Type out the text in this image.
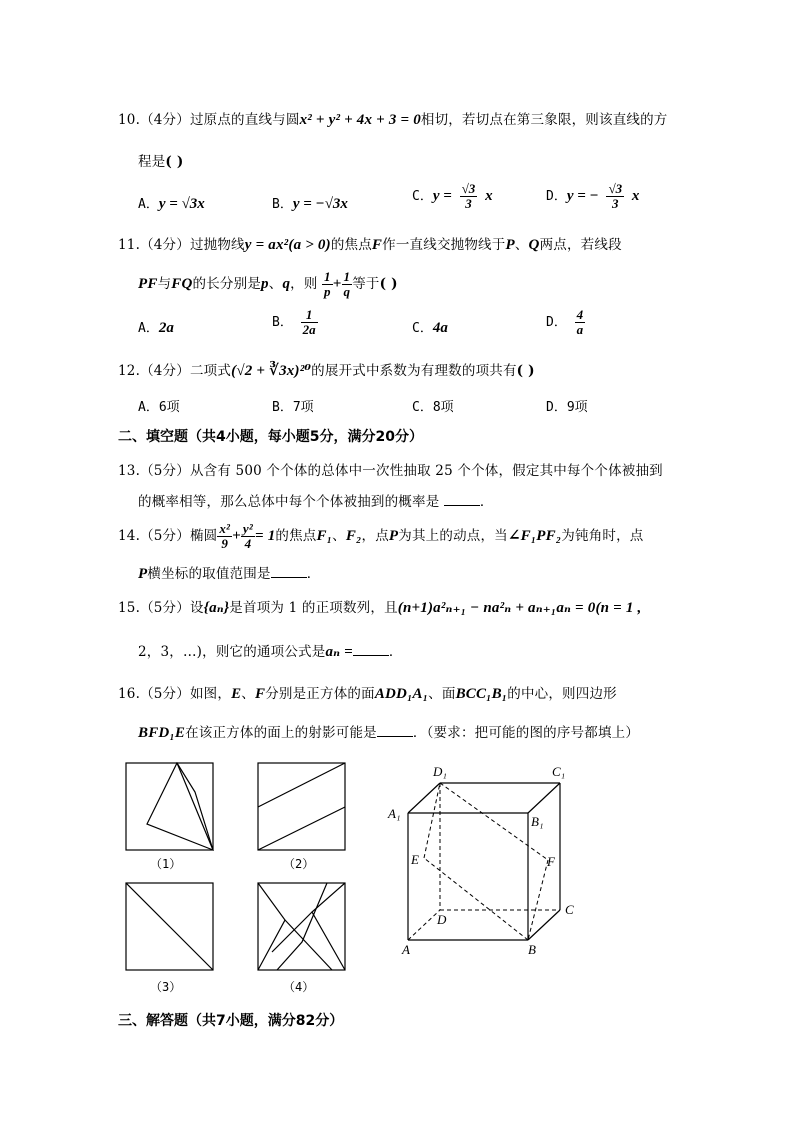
10.（4分）过原点的直线与圆x² + y² + 4x + 3 = 0相切，若切点在第三象限，则该直线的方
程是( )
A．y = √3x	B．y = −√3x	C．$y = \frac{√3}{3}$ x	D．y = − $\frac{√3}{3}$ x
11.（4分）过抛物线y = ax²(a > 0)的焦点F作一直线交抛物线于P、Q两点，若线段
PF与FQ的长分别是p、q，则 $\frac{1}{p} + \frac{1}{q}$ 等于( )
A．2a	B． $\frac{1}{2a}$	C．4a	D． $\frac{4}{a}$
12.（4分）二项式(√2 + ∛3x)²⁰的展开式中系数为有理数的项共有( )
A．6项	B．7项	C．8项	D．9项
二、填空题（共4小题，每小题5分，满分20分）
13.（5分）从含有 500 个个体的总体中一次性抽取 25 个个体，假定其中每个个体被抽到
的概率相等，那么总体中每个个体被抽到的概率是	．
14.（5分）椭圆 $\frac{\text{x²}}{9} + \frac{\text{y²}}{4} = 1$的焦点F₁、F₂，点P为其上的动点，当∠F₁PF₂为钝角时，点
P横坐标的取值范围是	．
15.（5分）设{aₙ}是首项为 1 的正项数列，且(n+1)a²ₙ₊₁ − na²ₙ + aₙ₊₁aₙ = 0(n = 1 ,
2，3，…)，则它的通项公式是aₙ =	．
16.（5分）如图，E、F分别是正方体的面ADD₁A₁、面BCC₁B₁的中心，则四边形
BFD₁E在该正方体的面上的射影可能是	．（要求：把可能的图的序号都填上）
（1）	（2）
（3）	（4）
D₁	C₁
A₁
B₁
E	F
D
C
A	B
三、解答题（共7小题，满分82分）
